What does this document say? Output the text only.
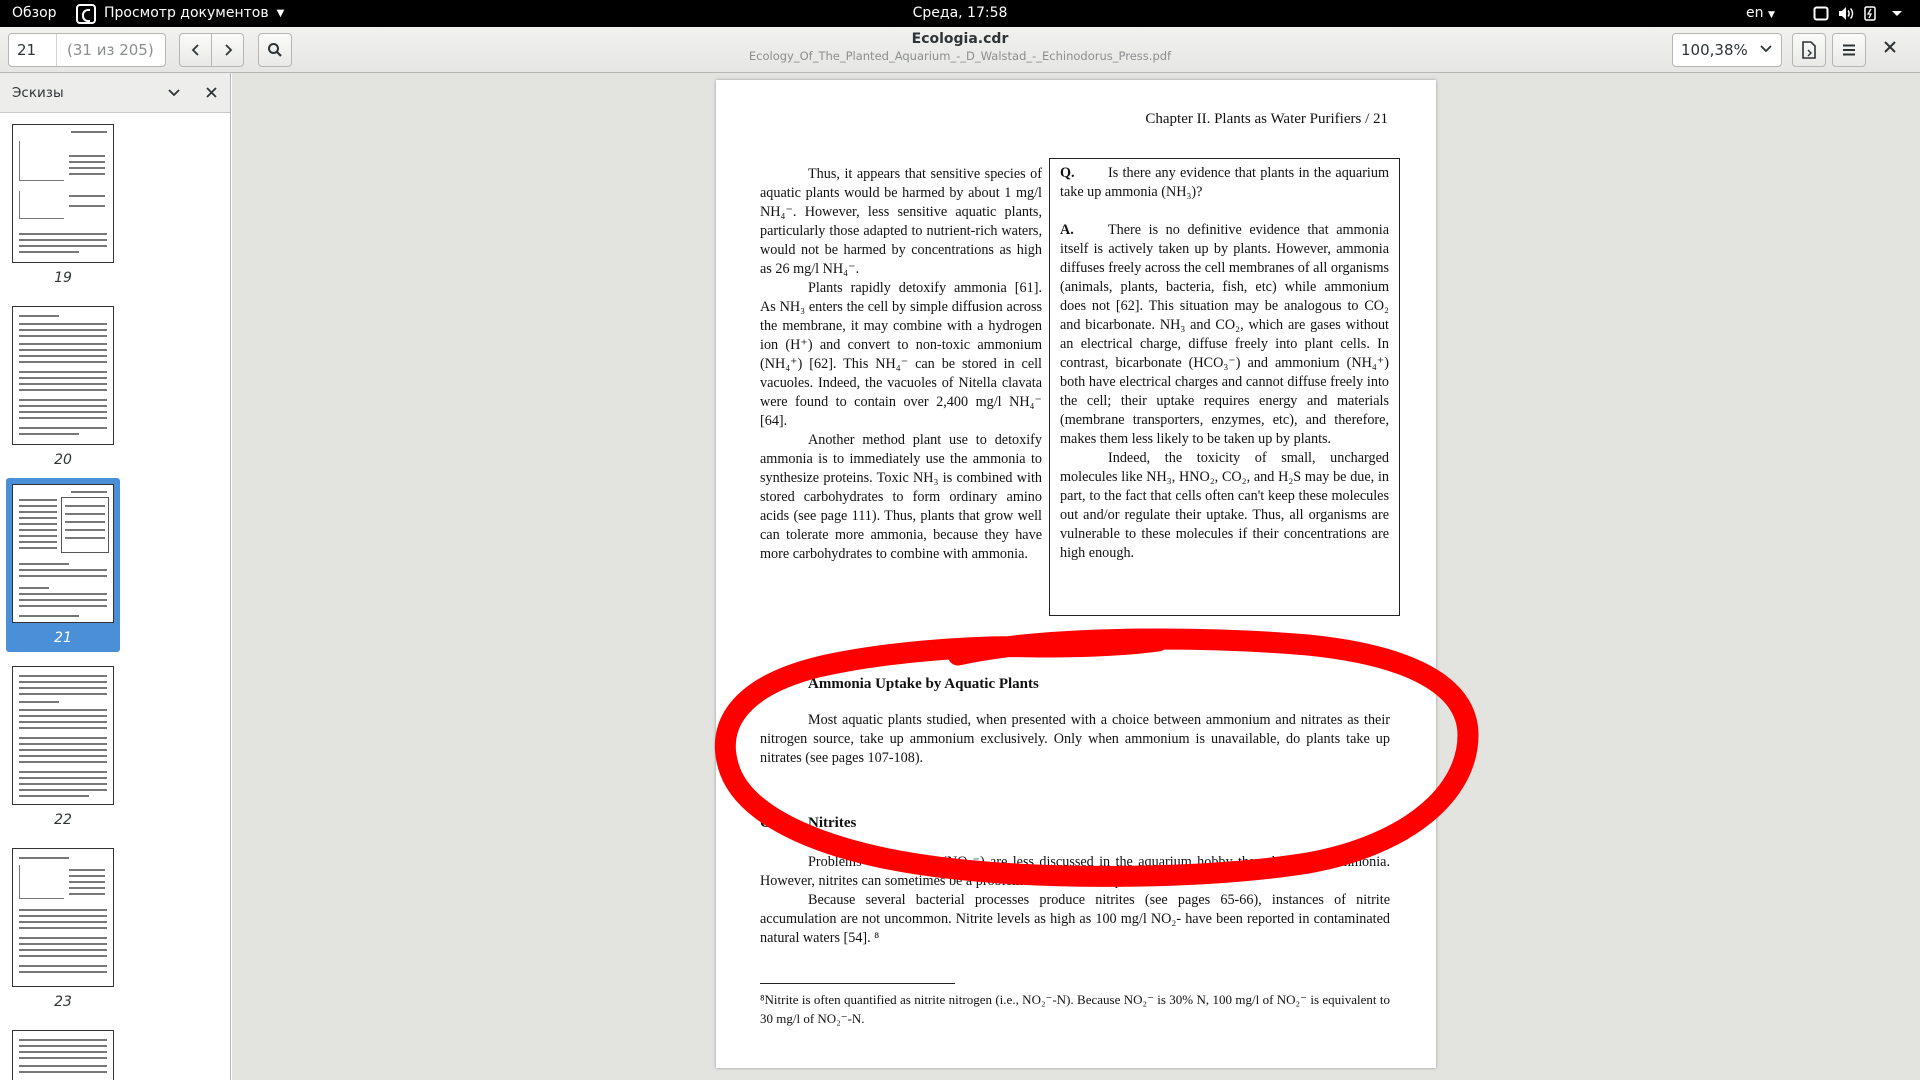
Обзор	Просмотр документов ▼	Среда, 17:58	en ▼
21
(31 из 205)
Ecologia.cdr
Ecology_Of_The_Planted_Aquarium_-_D_Walstad_-_Echinodorus_Press.pdf	100,38%
Эскизы
19
20
21
22
23
Chapter II. Plants as Water Purifiers / 21

Thus, it appears that sensitive species of aquatic plants would be harmed by about 1 mg/l NH₄⁻. However, less sensitive aquatic plants, particularly those adapted to nutrient-rich waters, would not be harmed by concentrations as high as 26 mg/l NH₄⁻.

Plants rapidly detoxify ammonia [61]. As NH₃ enters the cell by simple diffusion across the membrane, it may combine with a hydrogen ion (H⁺) and convert to non-toxic ammonium (NH₄⁺) [62]. This NH₄⁻ can be stored in cell vacuoles. Indeed, the vacuoles of Nitella clavata were found to contain over 2,400 mg/l NH₄⁻ [64].

Another method plant use to detoxify ammonia is to immediately use the ammonia to synthesize proteins. Toxic NH₃ is combined with stored carbohydrates to form ordinary amino acids (see page 111). Thus, plants that grow well can tolerate more ammonia, because they have more carbohydrates to combine with ammonia.

Q. Is there any evidence that plants in the aquarium take up ammonia (NH₃)?

A. There is no definitive evidence that ammonia itself is actively taken up by plants. However, ammonia diffuses freely across the cell membranes of all organisms (animals, plants, bacteria, fish, etc) while ammonium does not [62]. This situation may be analogous to CO₂ and bicarbonate. NH₃ and CO₂, which are gases without an electrical charge, diffuse freely into plant cells. In contrast, bicarbonate (HCO₃⁻) and ammonium (NH₄⁺) both have electrical charges and cannot diffuse freely into the cell; their uptake requires energy and materials (membrane transporters, enzymes, etc), and therefore, makes them less likely to be taken up by plants.

Indeed, the toxicity of small, uncharged molecules like NH₃, HNO₂, CO₂, and H₂S may be due, in part, to the fact that cells often can't keep these molecules out and/or regulate their uptake. Thus, all organisms are vulnerable to these molecules if their concentrations are high enough.

3. Ammonia Uptake by Aquatic Plants

Most aquatic plants studied, when presented with a choice between ammonium and nitrates as their nitrogen source, take up ammonium exclusively. Only when ammonium is unavailable, do plants take up nitrates (see pages 107-108).

C. Nitrites

Problems with nitrites (NO₂⁻) are less discussed in the aquarium hobby than those with ammonia. However, nitrites can sometimes be a problem in freshwater aquariums.

Because several bacterial processes produce nitrites (see pages 65-66), instances of nitrite accumulation are not uncommon. Nitrite levels as high as 100 mg/l NO₂- have been reported in contaminated natural waters [54]. ⁸

⁸Nitrite is often quantified as nitrite nitrogen (i.e., NO₂⁻-N). Because NO₂⁻ is 30% N, 100 mg/l of NO₂⁻ is equivalent to 30 mg/l of NO₂⁻-N.
